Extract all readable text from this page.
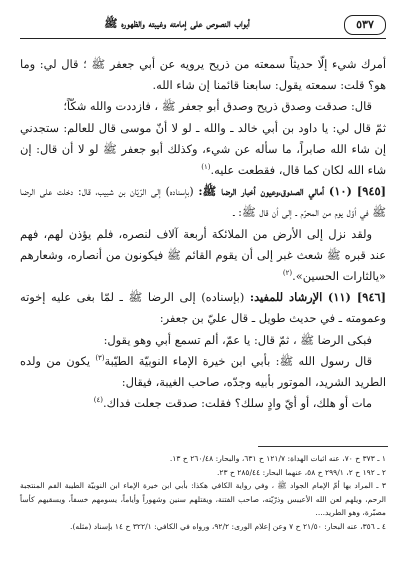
٥٣٧
أبواب النصوص على إمامته وغيبته والظهوره ﷺ

أمرك شيء إلّا حديثاً سمعته من ذريح يرويه عن أبي جعفر ﷺ ؛ قال لي: وما هو؟ قلت: سمعته يقول: سابعنا قائمنا إن شاء الله.

قال: صدقت وصدق ذريح وصدق أبو جعفر ﷺ ، فازددت والله شكّاً؛

ثمّ قال لي: يا داود بن أبي خالد ـ والله ـ لو لا أنّ موسى قال للعالم: ستجدني إن شاء الله صابراً، ما سأله عن شيء، وكذلك أبو جعفر ﷺ لو لا أن قال: إن شاء الله لكان كما قال، فقطعت عليه.$^{(١)}$

[٩٤٥] (١٠) أمالي الصدوق،وعيون أخبار الرضا ﷺ: (بإسناده) إلى الرّيّان بن شبيب، قال: دخلت على الرضا ﷺ في أوّل يوم من المحرّم ـ إلى أن قال ﷺ: ـ

ولقد نزل إلى الأرض من الملائكة أربعة آلاف لنصره، فلم يؤذن لهم، فهم عند قبره ﷺ شعث غبر إلى أن يقوم القائم ﷺ فيكونون من أنصاره، وشعارهم «يالثارات الحسين».$^{(٢)}$

[٩٤٦] (١١) الإرشاد للمفيد: (بإسناده) إلى الرضا ﷺ ـ لمّا بغى عليه إخوته وعمومته ـ في حديث طويل ـ قال عليّ بن جعفر:

فبكى الرضا ﷺ ، ثمّ قال: يا عمّ، ألم تسمع أبي وهو يقول:

قال رسول الله ﷺ: بأبي ابن خيرة الإماء النوبيّة الطيّبة$^{(٣)}$ يكون من ولده الطريد الشريد، الموتور بأبيه وجدّه، صاحب الغيبة، فيقال:

مات أو هلك، أو أيّ وادٍ سلك؟ فقلت: صدقت جعلت فداك.$^{(٤)}$

١ ـ ٣٧٣ ح ٧٠، عنه اثبات الهداة: ١٢١/٧ ح ٦٣١، والبحار: ٢٦٠/٤٨ ح ١٣.

٢ ـ ١٩٢ ح ٢، ٢٩٩/١ ح ٥٨، عنهما البحار: ٢٨٥/٤٤ ح ٢٣.

٣ ـ المراد بها أمّ الإمام الجواد ﷺ ، وفي رواية الكافي هكذا: بأبي ابن خيرة الإماء ابن النوبيّة الطيبة الفم المنتجبة الرحم، ويلهم لعن الله الأعيبس وذرّيّته، صاحب الفتنة، ويقتلهم سنين وشهوراً وأياماً، يسومهم خسفاً، ويسقيهم كأساً مصبّرة، وهو الطريد....

٤ ـ ٣٥٦، عنه البحار: ٢١/٥٠ ح ٧ وعن إعلام الورى: ٩٢/٢، ورواه في الكافي: ٣٢٢/١ ح ١٤ بإسناد (مثله).
